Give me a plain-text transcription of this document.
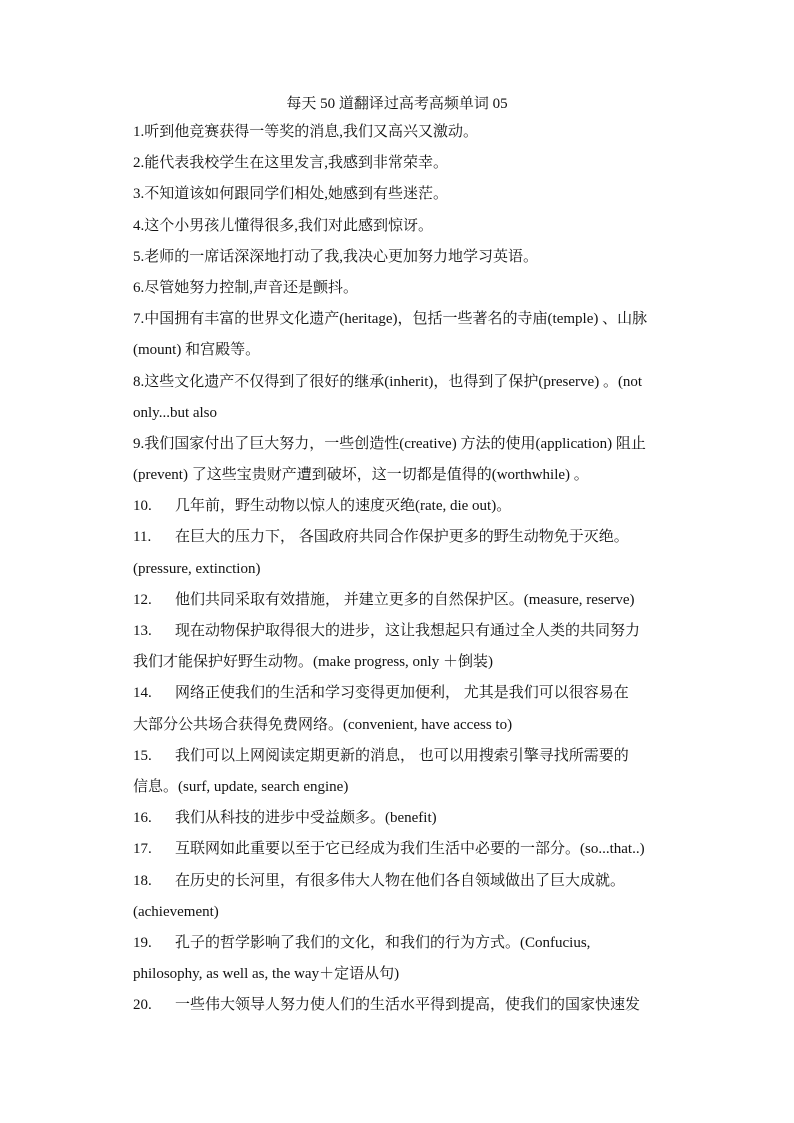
每天 50 道翻译过高考高频单词 05
1.听到他竞赛获得一等奖的消息,我们又高兴又激动。
2.能代表我校学生在这里发言,我感到非常荣幸。
3.不知道该如何跟同学们相处,她感到有些迷茫。
4.这个小男孩儿懂得很多,我们对此感到惊讶。
5.老师的一席话深深地打动了我,我决心更加努力地学习英语。
6.尽管她努力控制,声音还是颤抖。
7.中国拥有丰富的世界文化遗产(heritage)，包括一些著名的寺庙(temple) 、山脉
(mount) 和宫殿等。
8.这些文化遗产不仅得到了很好的继承(inherit)，也得到了保护(preserve) 。(not
only...but also
9.我们国家付出了巨大努力，一些创造性(creative) 方法的使用(application) 阻止
(prevent) 了这些宝贵财产遭到破坏，这一切都是值得的(worthwhile) 。
10. 几年前，野生动物以惊人的速度灭绝(rate, die out)。
11. 在巨大的压力下， 各国政府共同合作保护更多的野生动物免于灭绝。
(pressure, extinction)
12. 他们共同采取有效措施， 并建立更多的自然保护区。(measure, reserve)
13. 现在动物保护取得很大的进步，这让我想起只有通过全人类的共同努力
我们才能保护好野生动物。(make progress, only ＋倒装)
14. 网络正使我们的生活和学习变得更加便利， 尤其是我们可以很容易在
大部分公共场合获得免费网络。(convenient, have access to)
15. 我们可以上网阅读定期更新的消息， 也可以用搜索引擎寻找所需要的
信息。(surf, update, search engine)
16. 我们从科技的进步中受益颇多。(benefit)
17. 互联网如此重要以至于它已经成为我们生活中必要的一部分。(so...that..)
18. 在历史的长河里，有很多伟大人物在他们各自领域做出了巨大成就。
(achievement)
19. 孔子的哲学影响了我们的文化，和我们的行为方式。(Confucius,
philosophy, as well as, the way＋定语从句)
20. 一些伟大领导人努力使人们的生活水平得到提高，使我们的国家快速发
